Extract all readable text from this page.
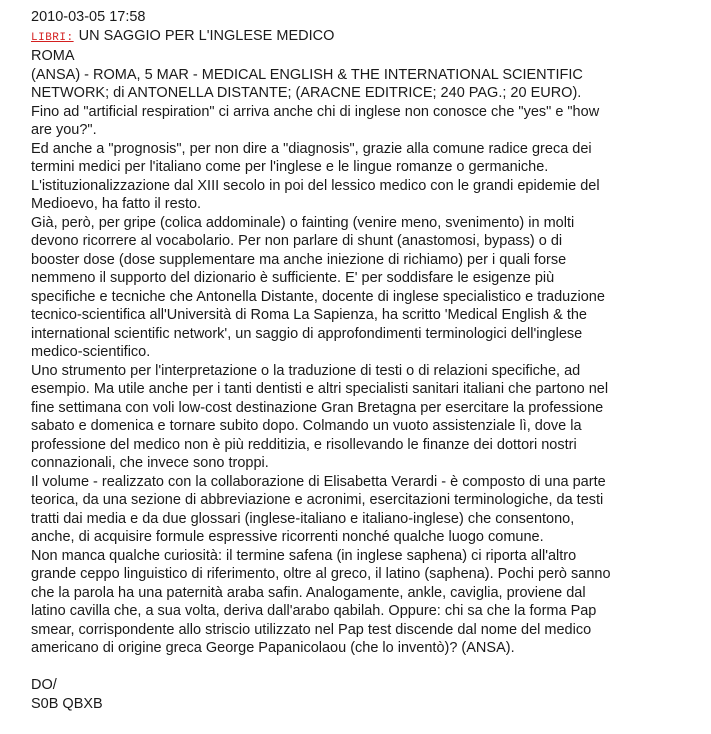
2010-03-05 17:58
LIBRI: UN SAGGIO PER L'INGLESE MEDICO
ROMA
(ANSA) - ROMA, 5 MAR - MEDICAL ENGLISH & THE INTERNATIONAL SCIENTIFIC
NETWORK; di ANTONELLA DISTANTE; (ARACNE EDITRICE; 240 PAG.; 20 EURO).
Fino ad "artificial respiration" ci arriva anche chi di inglese non conosce che "yes" e "how
are you?".
Ed anche a "prognosis", per non dire a "diagnosis", grazie alla comune radice greca dei
termini medici per l'italiano come per l'inglese e le lingue romanze o germaniche.
L'istituzionalizzazione dal XIII secolo in poi del lessico medico con le grandi epidemie del
Medioevo, ha fatto il resto.
Già, però, per gripe (colica addominale) o fainting (venire meno, svenimento) in molti
devono ricorrere al vocabolario. Per non parlare di shunt (anastomosi, bypass) o di
booster dose (dose supplementare ma anche iniezione di richiamo) per i quali forse
nemmeno il supporto del dizionario è sufficiente. E' per soddisfare le esigenze più
specifiche e tecniche che Antonella Distante, docente di inglese specialistico e traduzione
tecnico-scientifica all'Università di Roma La Sapienza, ha scritto 'Medical English & the
international scientific network', un saggio di approfondimenti terminologici dell'inglese
medico-scientifico.
Uno strumento per l'interpretazione o la traduzione di testi o di relazioni specifiche, ad
esempio. Ma utile anche per i tanti dentisti e altri specialisti sanitari italiani che partono nel
fine settimana con voli low-cost destinazione Gran Bretagna per esercitare la professione
sabato e domenica e tornare subito dopo. Colmando un vuoto assistenziale lì, dove la
professione del medico non è più redditizia, e risollevando le finanze dei dottori nostri
connazionali, che invece sono troppi.
Il volume - realizzato con la collaborazione di Elisabetta Verardi - è composto di una parte
teorica, da una sezione di abbreviazione e acronimi, esercitazioni terminologiche, da testi
tratti dai media e da due glossari (inglese-italiano e italiano-inglese) che consentono,
anche, di acquisire formule espressive ricorrenti nonché qualche luogo comune.
Non manca qualche curiosità: il termine safena (in inglese saphena) ci riporta all'altro
grande ceppo linguistico di riferimento, oltre al greco, il latino (saphena). Pochi però sanno
che la parola ha una paternità araba safin. Analogamente, ankle, caviglia, proviene dal
latino cavilla che, a sua volta, deriva dall'arabo qabilah. Oppure: chi sa che la forma Pap
smear, corrispondente allo striscio utilizzato nel Pap test discende dal nome del medico
americano di origine greca George Papanicolaou (che lo inventò)? (ANSA).
DO/
S0B QBXB
